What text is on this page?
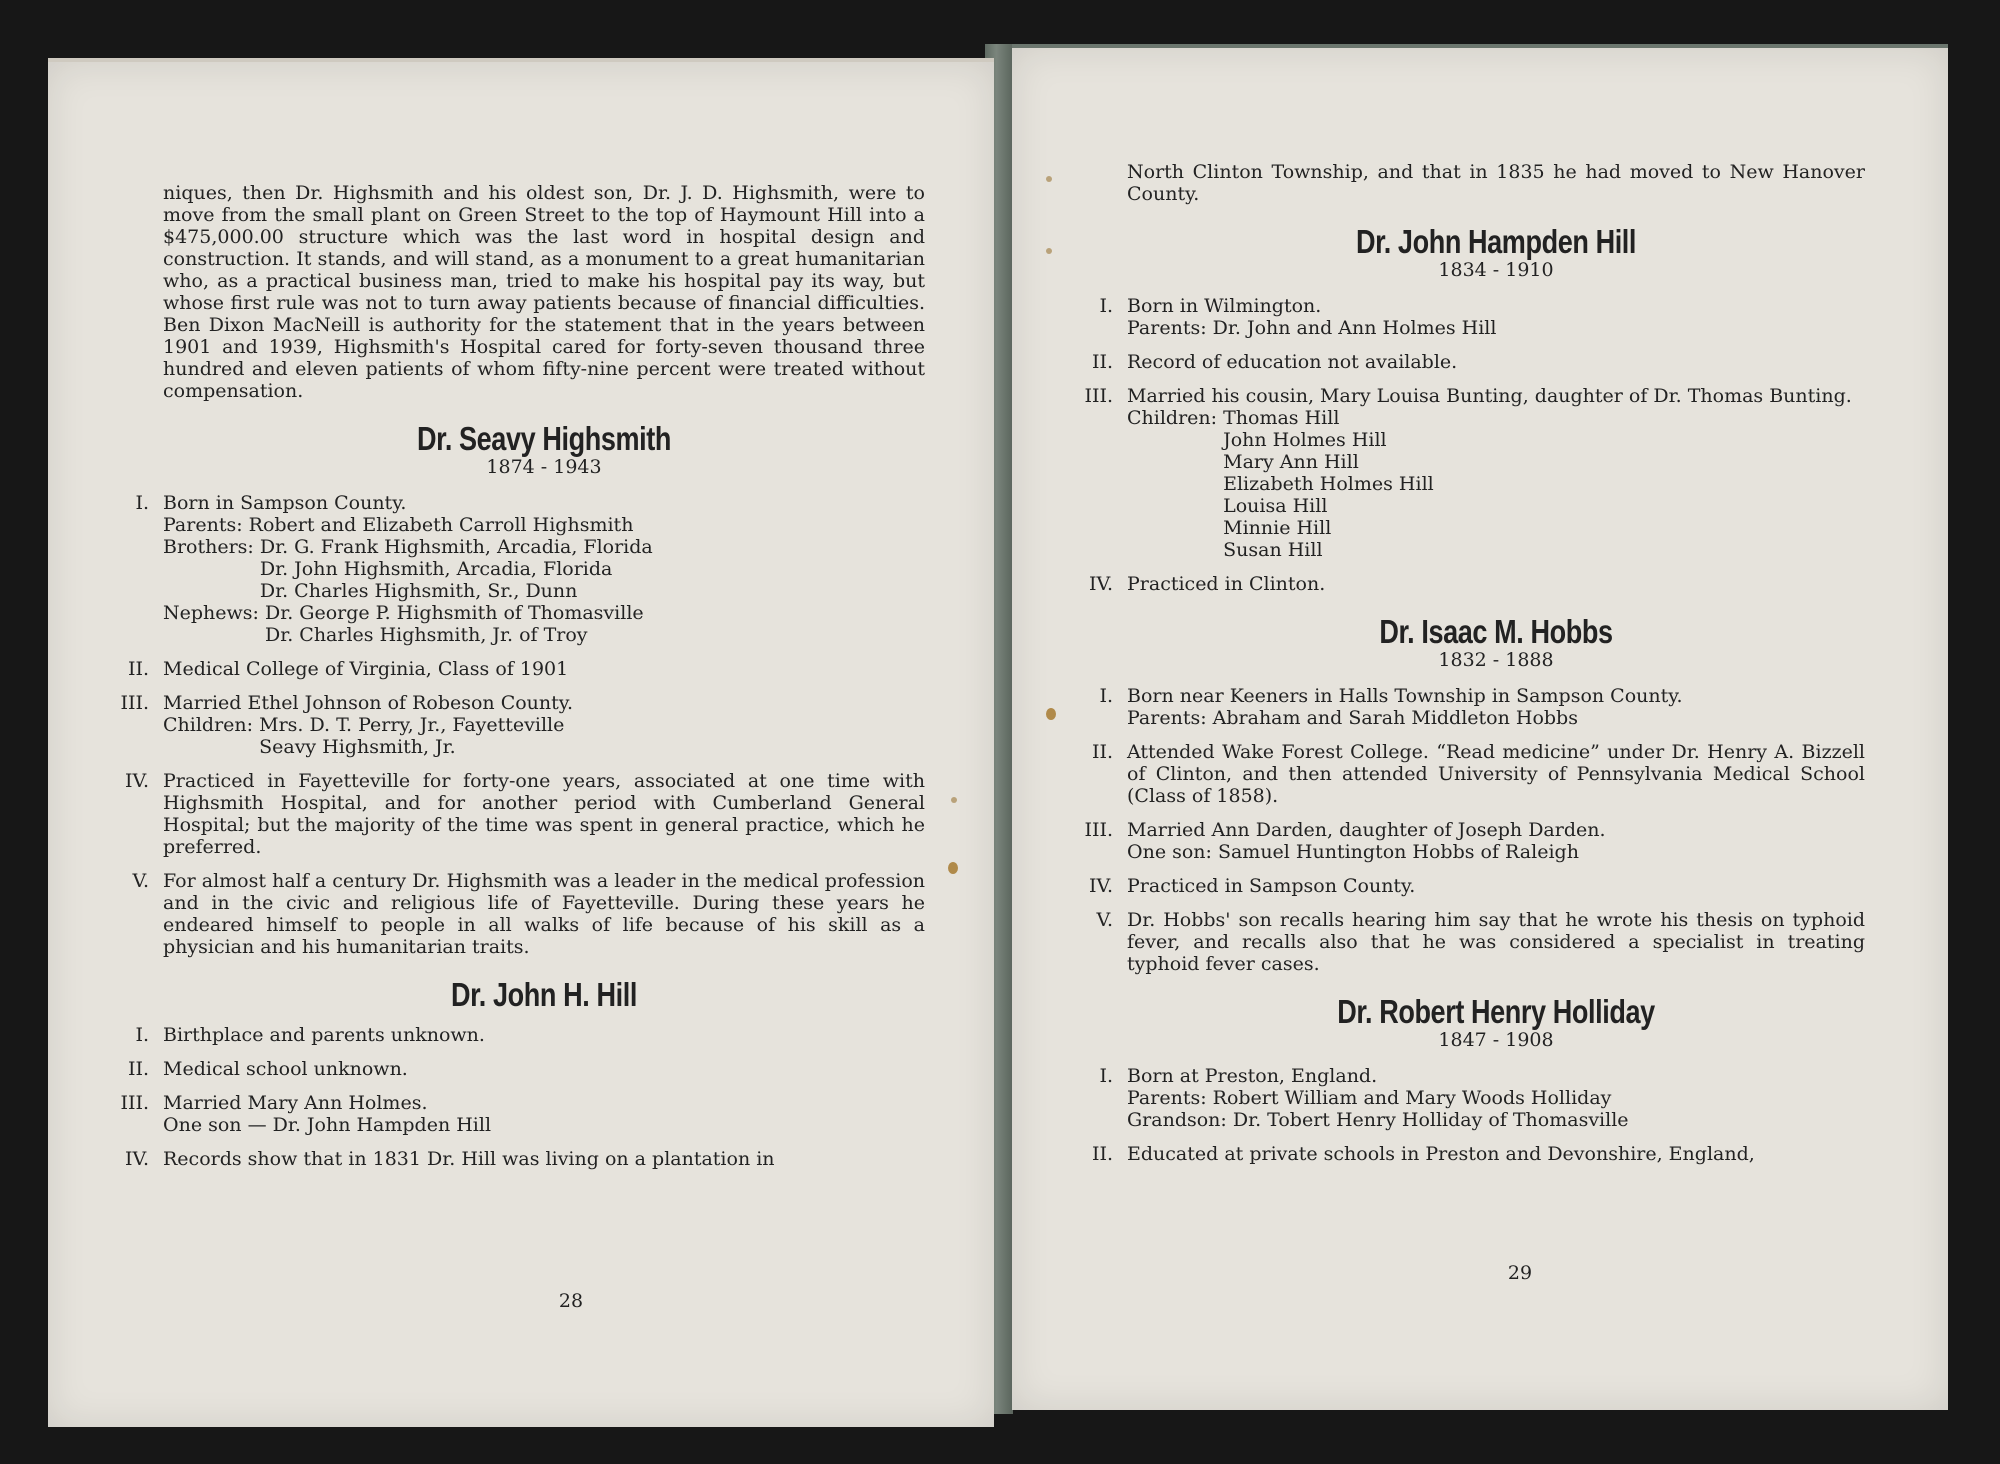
niques, then Dr. Highsmith and his oldest son, Dr. J. D. Highsmith, were to move from the small plant on Green Street to the top of Haymount Hill into a $475,000.00 structure which was the last word in hospital design and construction. It stands, and will stand, as a monument to a great humanitarian who, as a practical business man, tried to make his hospital pay its way, but whose first rule was not to turn away patients because of financial difficulties. Ben Dixon MacNeill is authority for the statement that in the years between 1901 and 1939, Highsmith's Hospital cared for forty-seven thousand three hundred and eleven patients of whom fifty-nine percent were treated without compensation.

Dr. Seavy Highsmith
1874 - 1943
I. Born in Sampson County.
Parents: Robert and Elizabeth Carroll Highsmith
Brothers: Dr. G. Frank Highsmith, Arcadia, Florida
Dr. John Highsmith, Arcadia, Florida
Dr. Charles Highsmith, Sr., Dunn
Nephews: Dr. George P. Highsmith of Thomasville
Dr. Charles Highsmith, Jr. of Troy
II. Medical College of Virginia, Class of 1901
III. Married Ethel Johnson of Robeson County.
Children: Mrs. D. T. Perry, Jr., Fayetteville
Seavy Highsmith, Jr.
IV. Practiced in Fayetteville for forty-one years, associated at one time with Highsmith Hospital, and for another period with Cumberland General Hospital; but the majority of the time was spent in general practice, which he preferred.
V. For almost half a century Dr. Highsmith was a leader in the medical profession and in the civic and religious life of Fayetteville. During these years he endeared himself to people in all walks of life because of his skill as a physician and his humanitarian traits.
Dr. John H. Hill
I. Birthplace and parents unknown.
II. Medical school unknown.
III. Married Mary Ann Holmes.
One son — Dr. John Hampden Hill
IV. Records show that in 1831 Dr. Hill was living on a plantation in
28

North Clinton Township, and that in 1835 he had moved to New Hanover County.

Dr. John Hampden Hill
1834 - 1910
I. Born in Wilmington.
Parents: Dr. John and Ann Holmes Hill
II. Record of education not available.
III. Married his cousin, Mary Louisa Bunting, daughter of Dr. Thomas Bunting.
Children: Thomas Hill
John Holmes Hill
Mary Ann Hill
Elizabeth Holmes Hill
Louisa Hill
Minnie Hill
Susan Hill
IV. Practiced in Clinton.
Dr. Isaac M. Hobbs
1832 - 1888
I. Born near Keeners in Halls Township in Sampson County.
Parents: Abraham and Sarah Middleton Hobbs
II. Attended Wake Forest College. “Read medicine” under Dr. Henry A. Bizzell of Clinton, and then attended University of Pennsylvania Medical School (Class of 1858).
III. Married Ann Darden, daughter of Joseph Darden.
One son: Samuel Huntington Hobbs of Raleigh
IV. Practiced in Sampson County.
V. Dr. Hobbs' son recalls hearing him say that he wrote his thesis on typhoid fever, and recalls also that he was considered a specialist in treating typhoid fever cases.
Dr. Robert Henry Holliday
1847 - 1908
I. Born at Preston, England.
Parents: Robert William and Mary Woods Holliday
Grandson: Dr. Tobert Henry Holliday of Thomasville
II. Educated at private schools in Preston and Devonshire, England,
29
